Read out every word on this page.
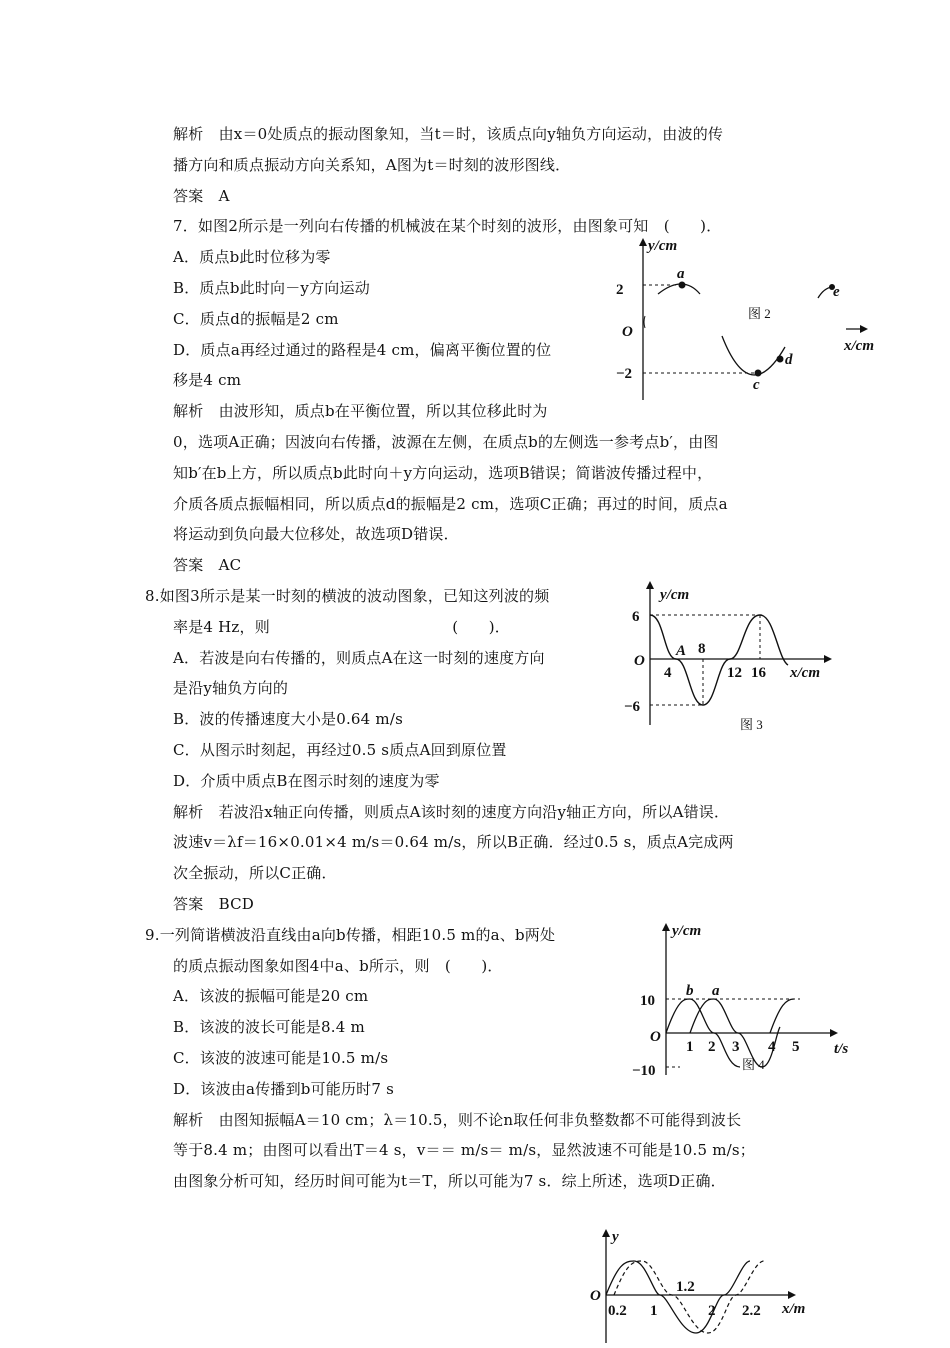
解析　由x＝0处质点的振动图象知，当t＝时，该质点向y轴负方向运动，由波的传
播方向和质点振动方向关系知，A图为t＝时刻的波形图线．
答案　A
7．如图2所示是一列向右传播的机械波在某个时刻的波形，由图象可知　(　　)．
A．质点b此时位移为零
B．质点b此时向－y方向运动
C．质点d的振幅是2 cm
D．质点a再经过通过的路程是4 cm，偏离平衡位置的位
移是4 cm
解析　由波形知，质点b在平衡位置，所以其位移此时为
0，选项A正确；因波向右传播，波源在左侧，在质点b的左侧选一参考点b′，由图
知b′在b上方，所以质点b此时向＋y方向运动，选项B错误；简谐波传播过程中，
介质各质点振幅相同，所以质点d的振幅是2 cm，选项C正确；再过的时间，质点a
将运动到负向最大位移处，故选项D错误．
答案　AC
8.如图3所示是某一时刻的横波的波动图象，已知这列波的频
率是4 Hz，则　　　　　　　　　　　　(　　)．
A．若波是向右传播的，则质点A在这一时刻的速度方向
是沿y轴负方向的
B．波的传播速度大小是0.64 m/s
C．从图示时刻起，再经过0.5 s质点A回到原位置
D．介质中质点B在图示时刻的速度为零
解析　若波沿x轴正向传播，则质点A该时刻的速度方向沿y轴正方向，所以A错误．
波速v＝λf＝16×0.01×4 m/s＝0.64 m/s，所以B正确．经过0.5 s，质点A完成两
次全振动，所以C正确．
答案　BCD
9.一列简谐横波沿直线由a向b传播，相距10.5 m的a、b两处
的质点振动图象如图4中a、b所示，则　(　　)．
A．该波的振幅可能是20 cm
B．该波的波长可能是8.4 m
C．该波的波速可能是10.5 m/s
D．该波由a传播到b可能历时7 s
解析　由图知振幅A＝10 cm；λ＝10.5，则不论n取任何非负整数都不可能得到波长
等于8.4 m；由图可以看出T＝4 s，v＝＝ m/s＝ m/s，显然波速不可能是10.5 m/s；
由图象分析可知，经历时间可能为t＝T，所以可能为7 s．综上所述，选项D正确．
y/cm
2
−2
O
a
c
d
e
图 2
x/cm
y/cm
x/cm
6
−6
O
A
4
8
12 16
图 3
y/cm
t/s
10
−10
O
b a
1 2 3 4 5
图 4
y
x/m
O
0.2 1
1.2
2 2.2
